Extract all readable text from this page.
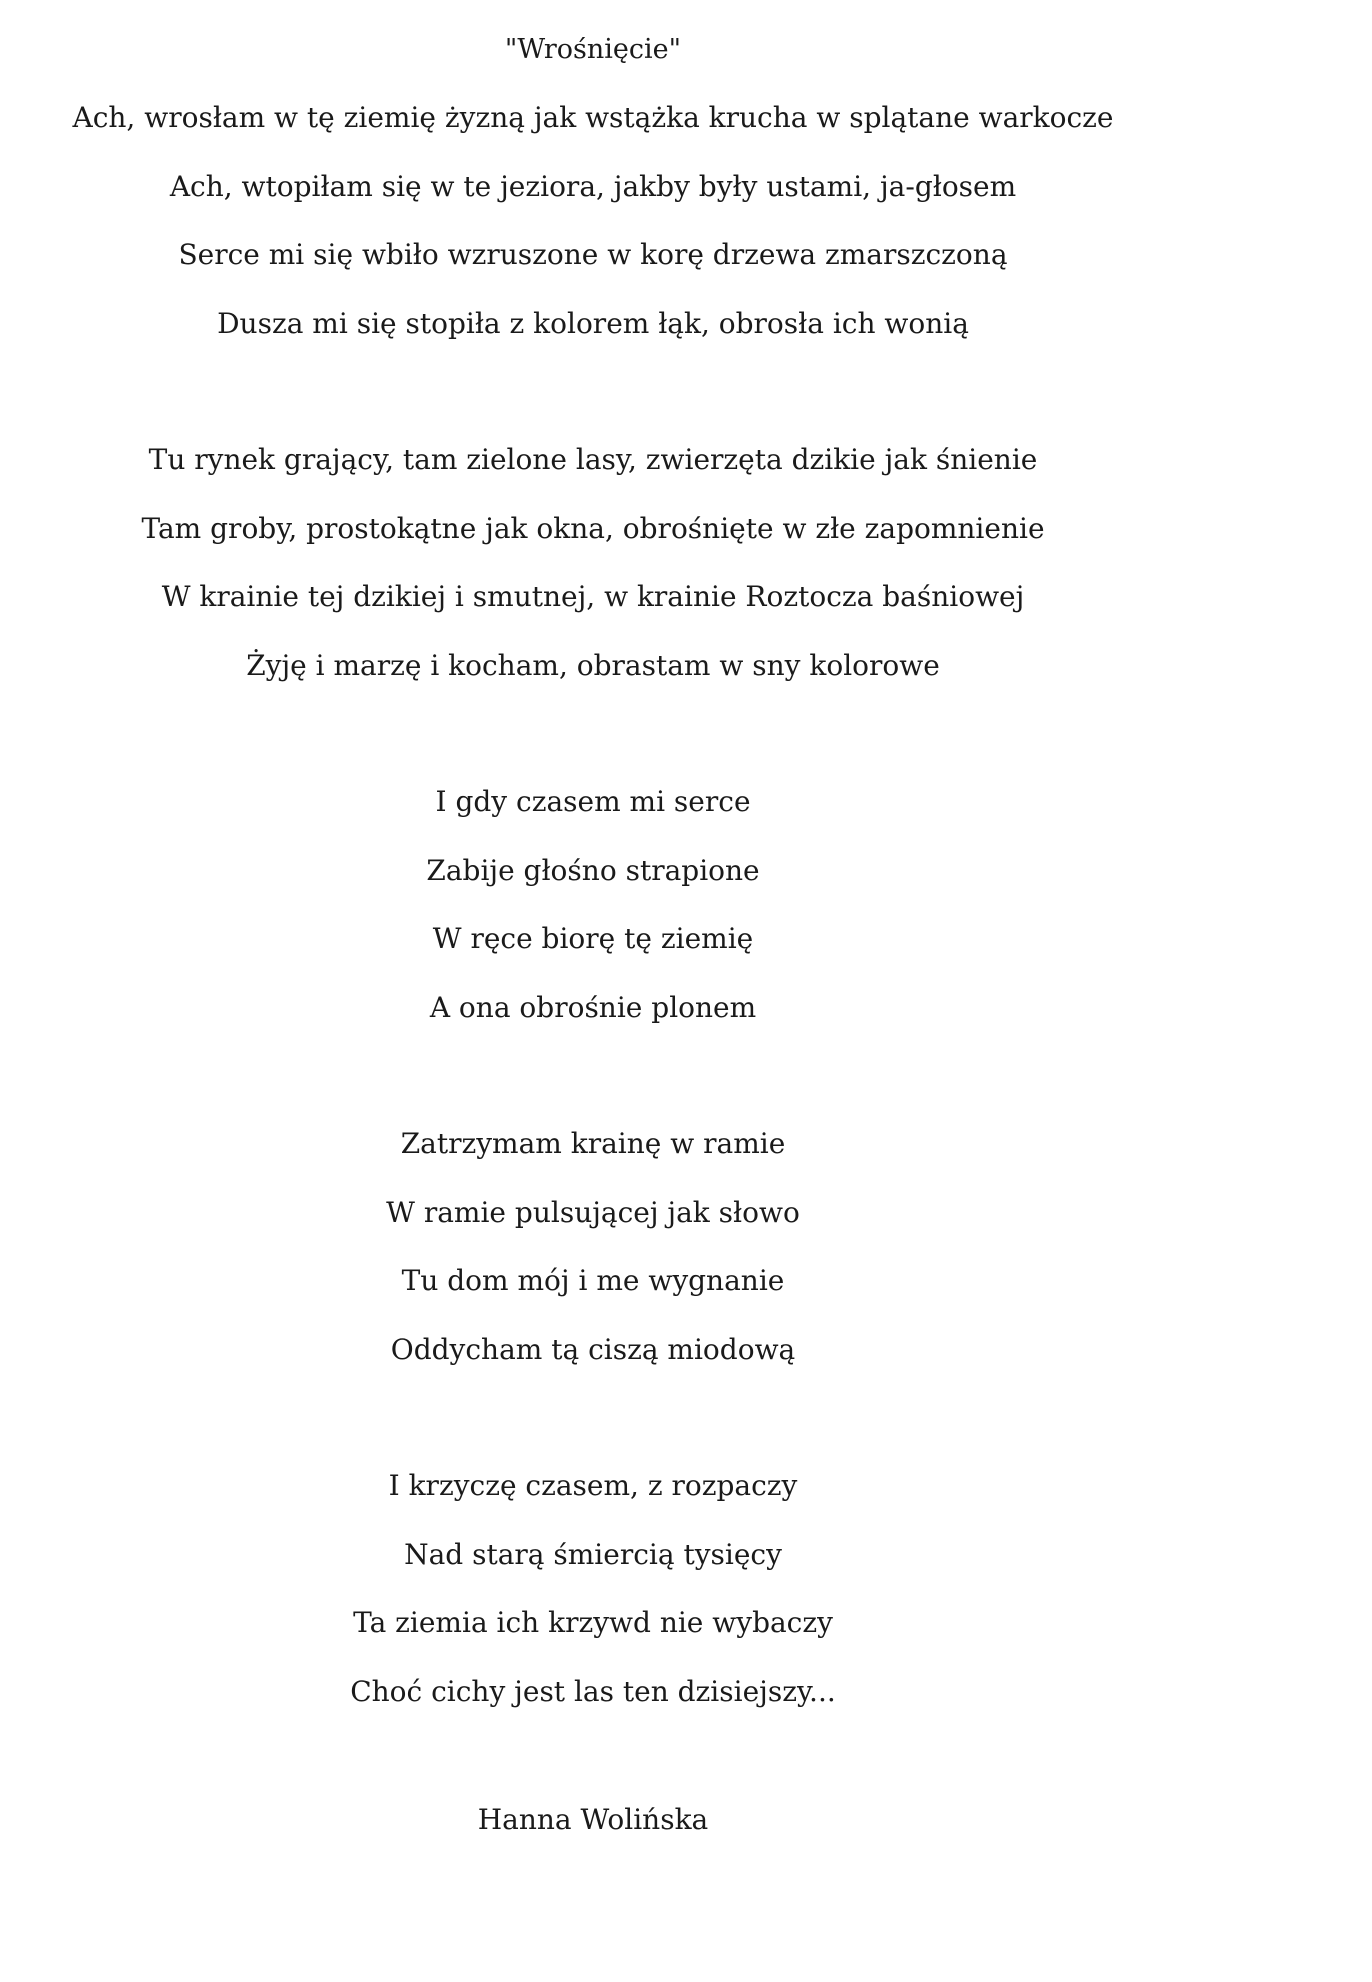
"Wrośnięcie"
Ach, wrosłam w tę ziemię żyzną jak wstążka krucha w splątane warkocze
Ach, wtopiłam się w te jeziora, jakby były ustami, ja-głosem
Serce mi się wbiło wzruszone w korę drzewa zmarszczoną
Dusza mi się stopiła z kolorem łąk, obrosła ich wonią
Tu rynek grający, tam zielone lasy, zwierzęta dzikie jak śnienie
Tam groby, prostokątne jak okna, obrośnięte w złe zapomnienie
W krainie tej dzikiej i smutnej, w krainie Roztocza baśniowej
Żyję i marzę i kocham, obrastam w sny kolorowe
I gdy czasem mi serce
Zabije głośno strapione
W ręce biorę tę ziemię
A ona obrośnie plonem
Zatrzymam krainę w ramie
W ramie pulsującej jak słowo
Tu dom mój i me wygnanie
Oddycham tą ciszą miodową
I krzyczę czasem, z rozpaczy
Nad starą śmiercią tysięcy
Ta ziemia ich krzywd nie wybaczy
Choć cichy jest las ten dzisiejszy...
Hanna Wolińska
